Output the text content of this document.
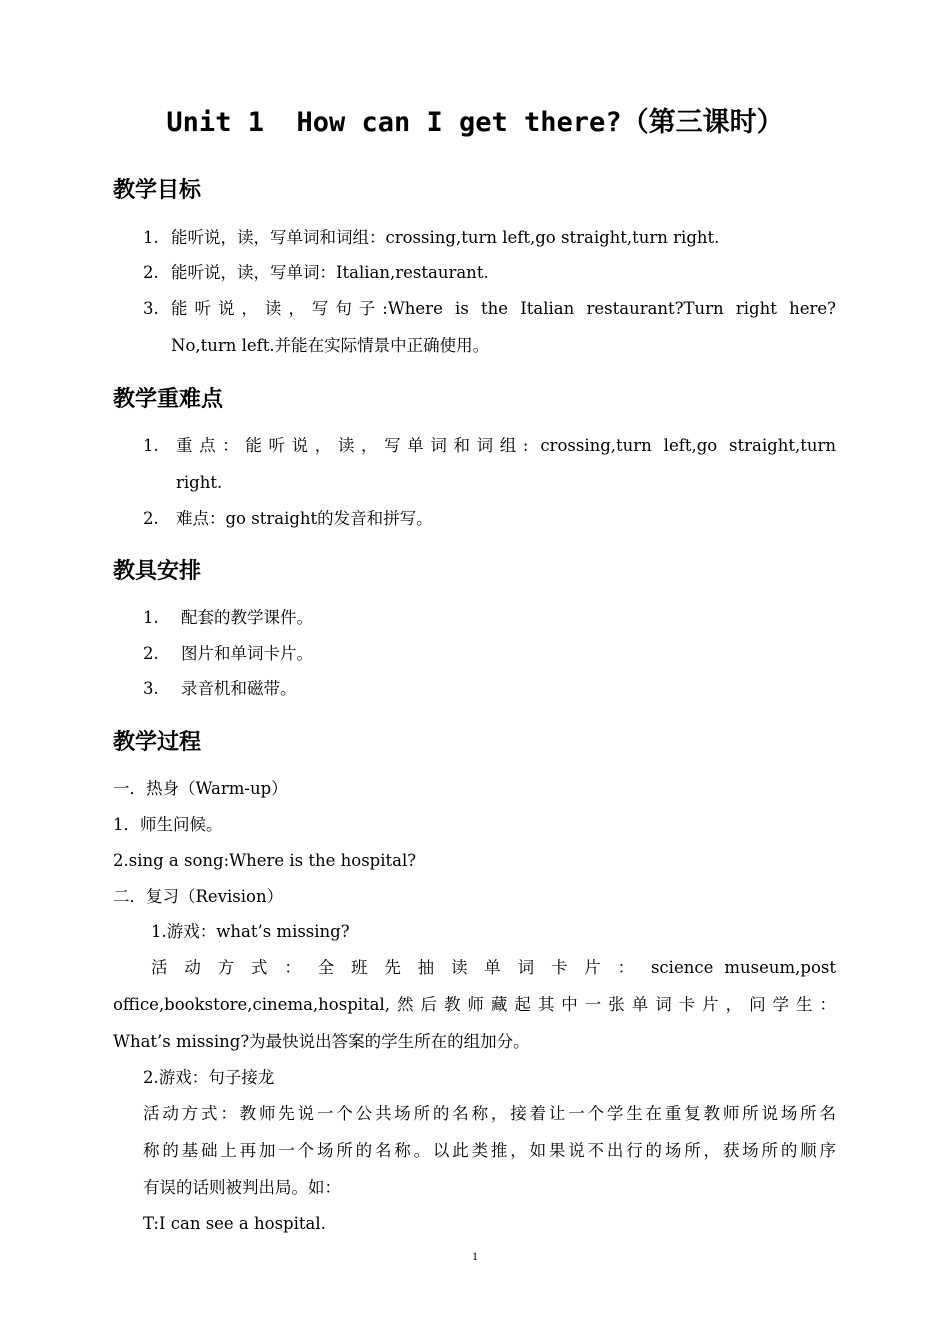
Unit 1  How can I get there?（第三课时）
教学目标
1. 能听说，读，写单词和词组：crossing,turn left,go straight,turn right.
2. 能听说，读，写单词：Italian,restaurant.
3. 能听说，读，写句子:Where is the Italian restaurant?Turn right here?
No,turn left.并能在实际情景中正确使用。
教学重难点
1. 重点：能听说，读，写单词和词组: crossing,turn left,go straight,turn
right.
2. 难点：go straight的发音和拼写。
教具安排
1. 配套的教学课件。
2. 图片和单词卡片。
3. 录音机和磁带。
教学过程
一．热身（Warm-up）
1．师生问候。
2.sing a song:Where is the hospital?
二．复习（Revision）
1.游戏：what’s missing?
活 动 方 式 ： 全 班 先 抽 读 单 词 卡 片 ： science museum,post
office,bookstore,cinema,hospital,然后教师藏起其中一张单词卡片，问学生：
What’s missing?为最快说出答案的学生所在的组加分。
2.游戏：句子接龙
活动方式：教师先说一个公共场所的名称，接着让一个学生在重复教师所说场所名
称的基础上再加一个场所的名称。以此类推，如果说不出行的场所，获场所的顺序
有误的话则被判出局。如：
T:I can see a hospital.
1
